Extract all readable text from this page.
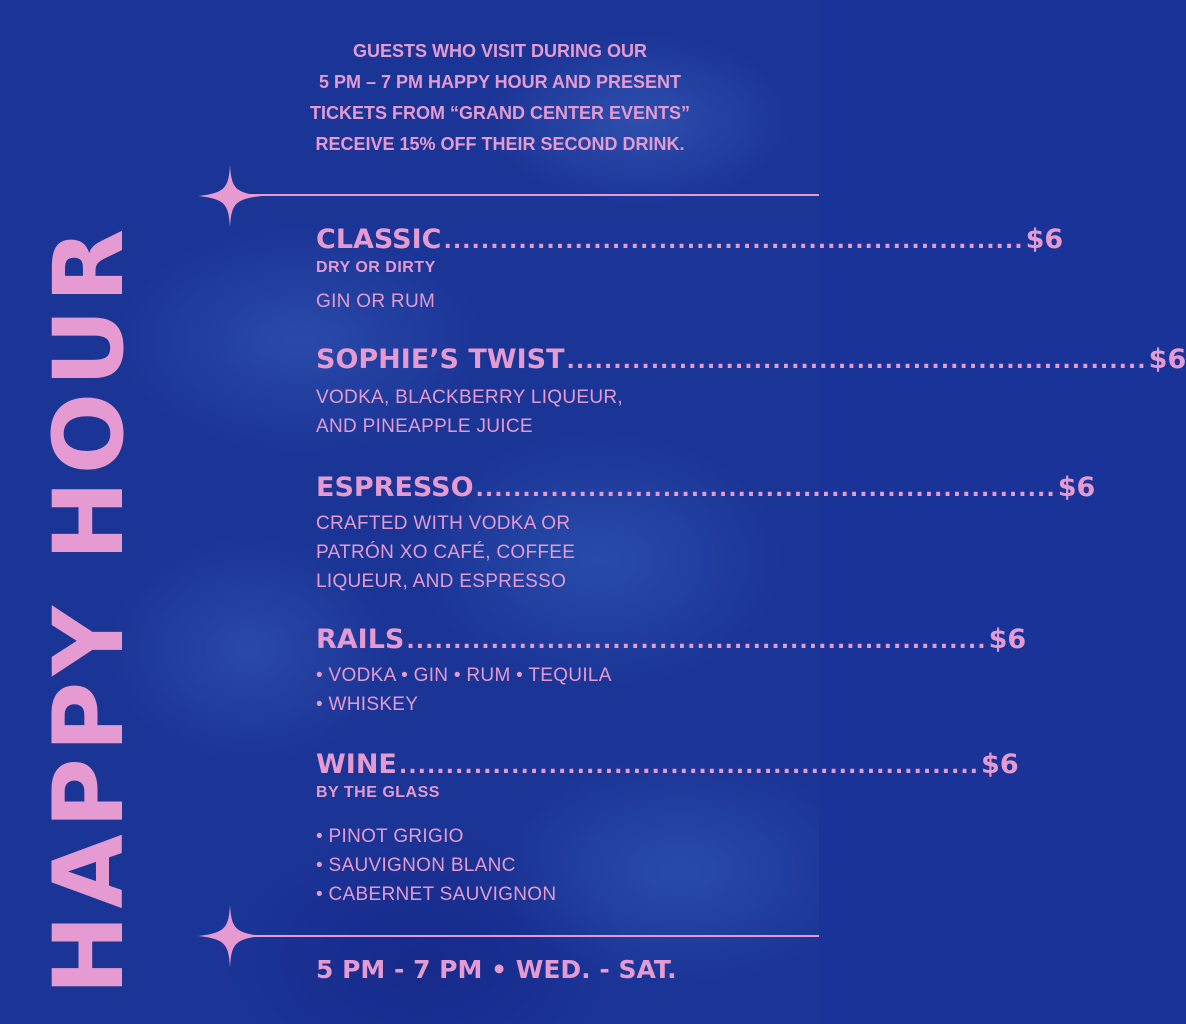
HAPPY HOUR
GUESTS WHO VISIT DURING OUR
5 PM – 7 PM HAPPY HOUR AND PRESENT
TICKETS FROM “GRAND CENTER EVENTS”
RECEIVE 15% OFF THEIR SECOND DRINK.
CLASSIC .............................................................. $6
DRY OR DIRTY
GIN OR RUM
SOPHIE’S TWIST .............................................................. $6
VODKA, BLACKBERRY LIQUEUR,
AND PINEAPPLE JUICE
ESPRESSO .............................................................. $6
CRAFTED WITH VODKA OR
PATRÓN XO CAFÉ, COFFEE
LIQUEUR, AND ESPRESSO
RAILS .............................................................. $6
• VODKA • GIN • RUM • TEQUILA
• WHISKEY
WINE .............................................................. $6
BY THE GLASS
• PINOT GRIGIO
• SAUVIGNON BLANC
• CABERNET SAUVIGNON
5 PM - 7 PM • WED. - SAT.
